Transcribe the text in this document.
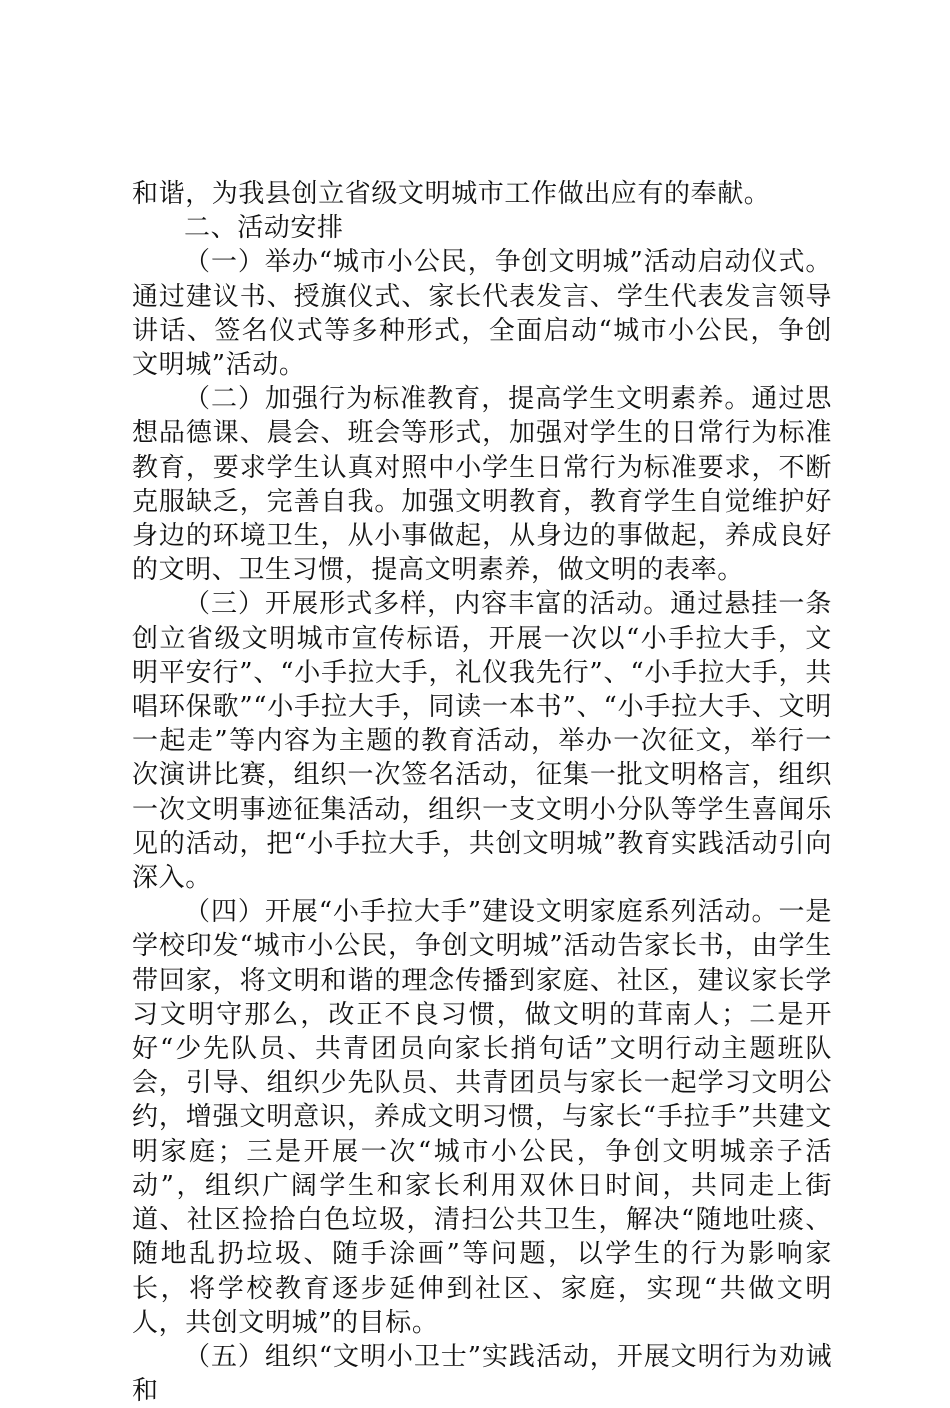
和谐，为我县创立省级文明城市工作做出应有的奉献。

二、活动安排

（一）举办“城市小公民，争创文明城”活动启动仪式。通过建议书、授旗仪式、家长代表发言、学生代表发言领导讲话、签名仪式等多种形式，全面启动“城市小公民，争创文明城”活动。

（二）加强行为标准教育，提高学生文明素养。通过思想品德课、晨会、班会等形式，加强对学生的日常行为标准教育，要求学生认真对照中小学生日常行为标准要求，不断克服缺乏，完善自我。加强文明教育，教育学生自觉维护好身边的环境卫生，从小事做起，从身边的事做起，养成良好的文明、卫生习惯，提高文明素养，做文明的表率。

（三）开展形式多样，内容丰富的活动。通过悬挂一条创立省级文明城市宣传标语，开展一次以“小手拉大手，文明平安行”、“小手拉大手，礼仪我先行”、“小手拉大手，共唱环保歌”“小手拉大手，同读一本书”、“小手拉大手、文明一起走”等内容为主题的教育活动，举办一次征文，举行一次演讲比赛，组织一次签名活动，征集一批文明格言，组织一次文明事迹征集活动，组织一支文明小分队等学生喜闻乐见的活动，把“小手拉大手，共创文明城”教育实践活动引向深入。

（四）开展“小手拉大手”建设文明家庭系列活动。一是学校印发“城市小公民，争创文明城”活动告家长书，由学生带回家，将文明和谐的理念传播到家庭、社区，建议家长学习文明守那么，改正不良习惯，做文明的茸南人；二是开好“少先队员、共青团员向家长捎句话”文明行动主题班队会，引导、组织少先队员、共青团员与家长一起学习文明公约，增强文明意识，养成文明习惯，与家长“手拉手”共建文明家庭；三是开展一次“城市小公民，争创文明城亲子活动”，组织广阔学生和家长利用双休日时间，共同走上街道、社区捡拾白色垃圾，清扫公共卫生，解决“随地吐痰、随地乱扔垃圾、随手涂画”等问题，以学生的行为影响家长，将学校教育逐步延伸到社区、家庭，实现“共做文明人，共创文明城”的目标。

（五）组织“文明小卫士”实践活动，开展文明行为劝诫和
